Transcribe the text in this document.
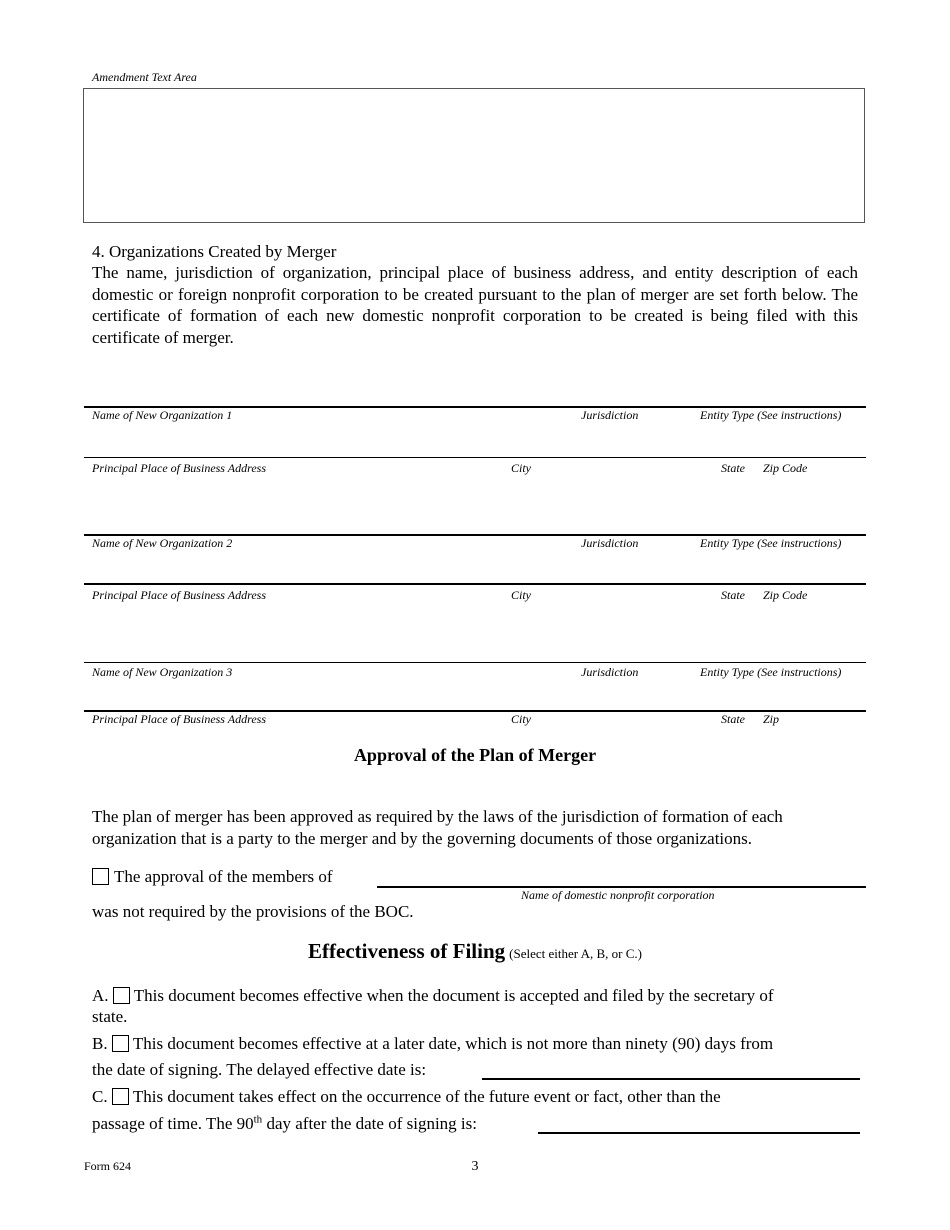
Amendment Text Area
4. Organizations Created by Merger
The name, jurisdiction of organization, principal place of business address, and entity description of each domestic or foreign nonprofit corporation to be created pursuant to the plan of merger are set forth below. The certificate of formation of each new domestic nonprofit corporation to be created is being filed with this certificate of merger.
Name of New Organization 1	Jurisdiction	Entity Type (See instructions)
Principal Place of Business Address	City	State Zip Code
Name of New Organization 2	Jurisdiction	Entity Type (See instructions)
Principal Place of Business Address	City	State Zip Code
Name of New Organization 3	Jurisdiction	Entity Type (See instructions)
Principal Place of Business Address	City	State Zip
Approval of the Plan of Merger
The plan of merger has been approved as required by the laws of the jurisdiction of formation of each organization that is a party to the merger and by the governing documents of those organizations.
The approval of the members of
Name of domestic nonprofit corporation
was not required by the provisions of the BOC.
Effectiveness of Filing (Select either A, B, or C.)
A. This document becomes effective when the document is accepted and filed by the secretary of
state.
B. This document becomes effective at a later date, which is not more than ninety (90) days from
the date of signing. The delayed effective date is:
C. This document takes effect on the occurrence of the future event or fact, other than the
passage of time. The 90th day after the date of signing is:
Form 624	3
